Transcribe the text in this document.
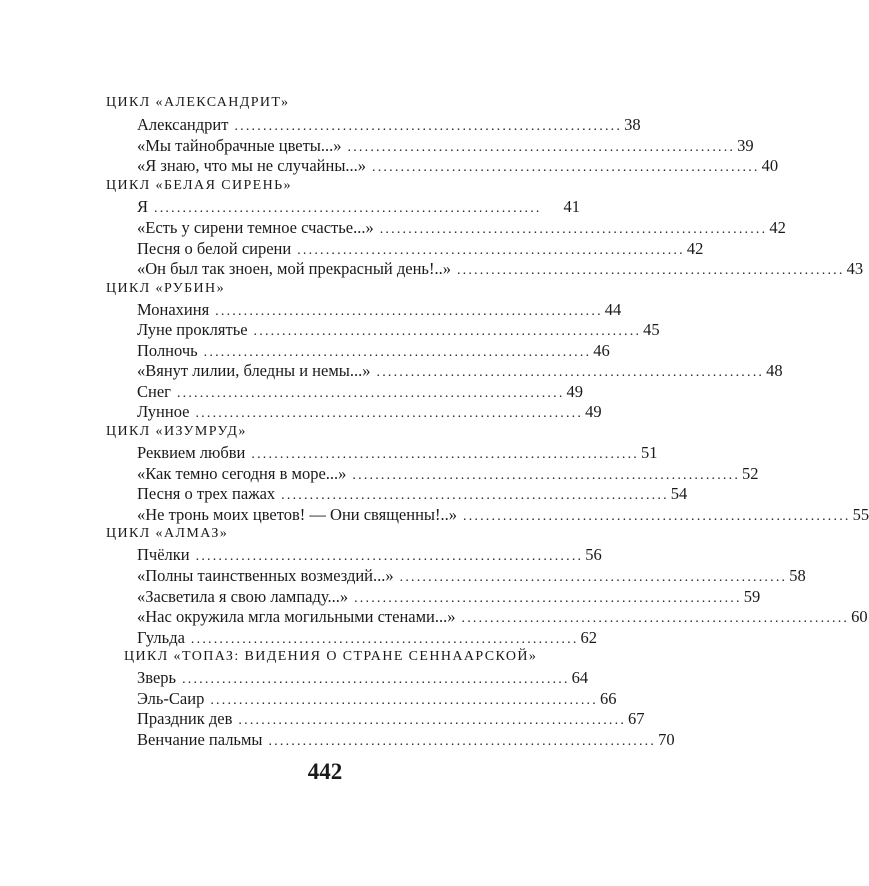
ЦИКЛ «АЛЕКСАНДРИТ»
Александрит .................................................................... 38
«Мы тайнобрачные цветы...» .................................................................... 39
«Я знаю, что мы не случайны...» .................................................................... 40
ЦИКЛ «БЕЛАЯ СИРЕНЬ»
Я ....................................................................	41
«Есть у сирени темное счастье...» .................................................................... 42
Песня о белой сирени .................................................................... 42
«Он был так зноен, мой прекрасный день!..» .................................................................... 43
ЦИКЛ «РУБИН»
Монахиня .................................................................... 44
Луне проклятье .................................................................... 45
Полночь .................................................................... 46
«Вянут лилии, бледны и немы...» .................................................................... 48
Снег .................................................................... 49
Лунное .................................................................... 49
ЦИКЛ «ИЗУМРУД»
Реквием любви .................................................................... 51
«Как темно сегодня в море...» .................................................................... 52
Песня о трех пажах .................................................................... 54
«Не тронь моих цветов! — Они священны!..» .................................................................... 55
ЦИКЛ «АЛМАЗ»
Пчёлки .................................................................... 56
«Полны таинственных возмездий...» .................................................................... 58
«Засветила я свою лампаду...» .................................................................... 59
«Нас окружила мгла могильными стенами...» .................................................................... 60
Гульда .................................................................... 62
ЦИКЛ «ТОПАЗ: ВИДЕНИЯ О СТРАНЕ СЕННААРСКОЙ»
Зверь .................................................................... 64
Эль-Саир .................................................................... 66
Праздник дев .................................................................... 67
Венчание пальмы .................................................................... 70
442
